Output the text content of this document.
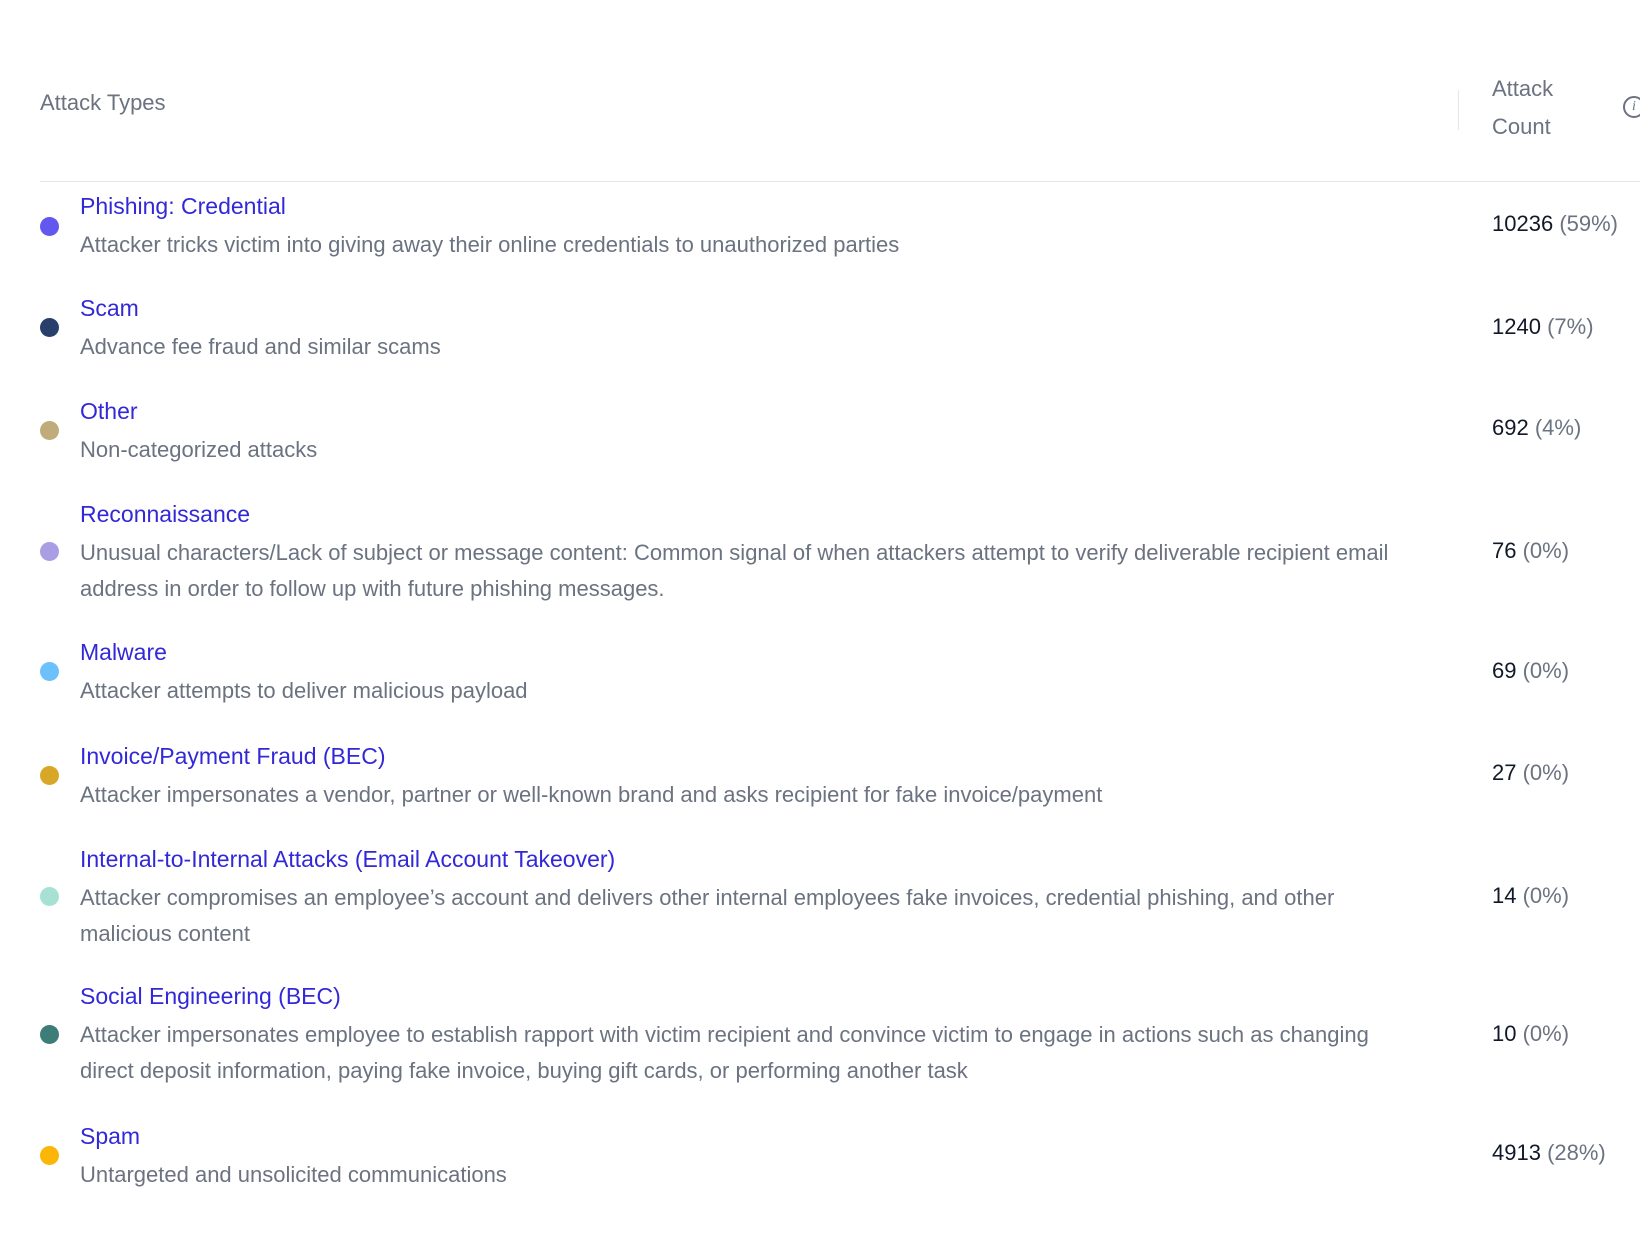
Attack Types
Attack
Count
i
Phishing: Credential
Attacker tricks victim into giving away their online credentials to unauthorized parties
10236 (59%)
Scam
Advance fee fraud and similar scams
1240 (7%)
Other
Non-categorized attacks
692 (4%)
Reconnaissance
Unusual characters/Lack of subject or message content: Common signal of when attackers attempt to verify deliverable recipient email address in order to follow up with future phishing messages.
76 (0%)
Malware
Attacker attempts to deliver malicious payload
69 (0%)
Invoice/Payment Fraud (BEC)
Attacker impersonates a vendor, partner or well-known brand and asks recipient for fake invoice/payment
27 (0%)
Internal-to-Internal Attacks (Email Account Takeover)
Attacker compromises an employee’s account and delivers other internal employees fake invoices, credential phishing, and other malicious content
14 (0%)
Social Engineering (BEC)
Attacker impersonates employee to establish rapport with victim recipient and convince victim to engage in actions such as changing direct deposit information, paying fake invoice, buying gift cards, or performing another task
10 (0%)
Spam
Untargeted and unsolicited communications
4913 (28%)
